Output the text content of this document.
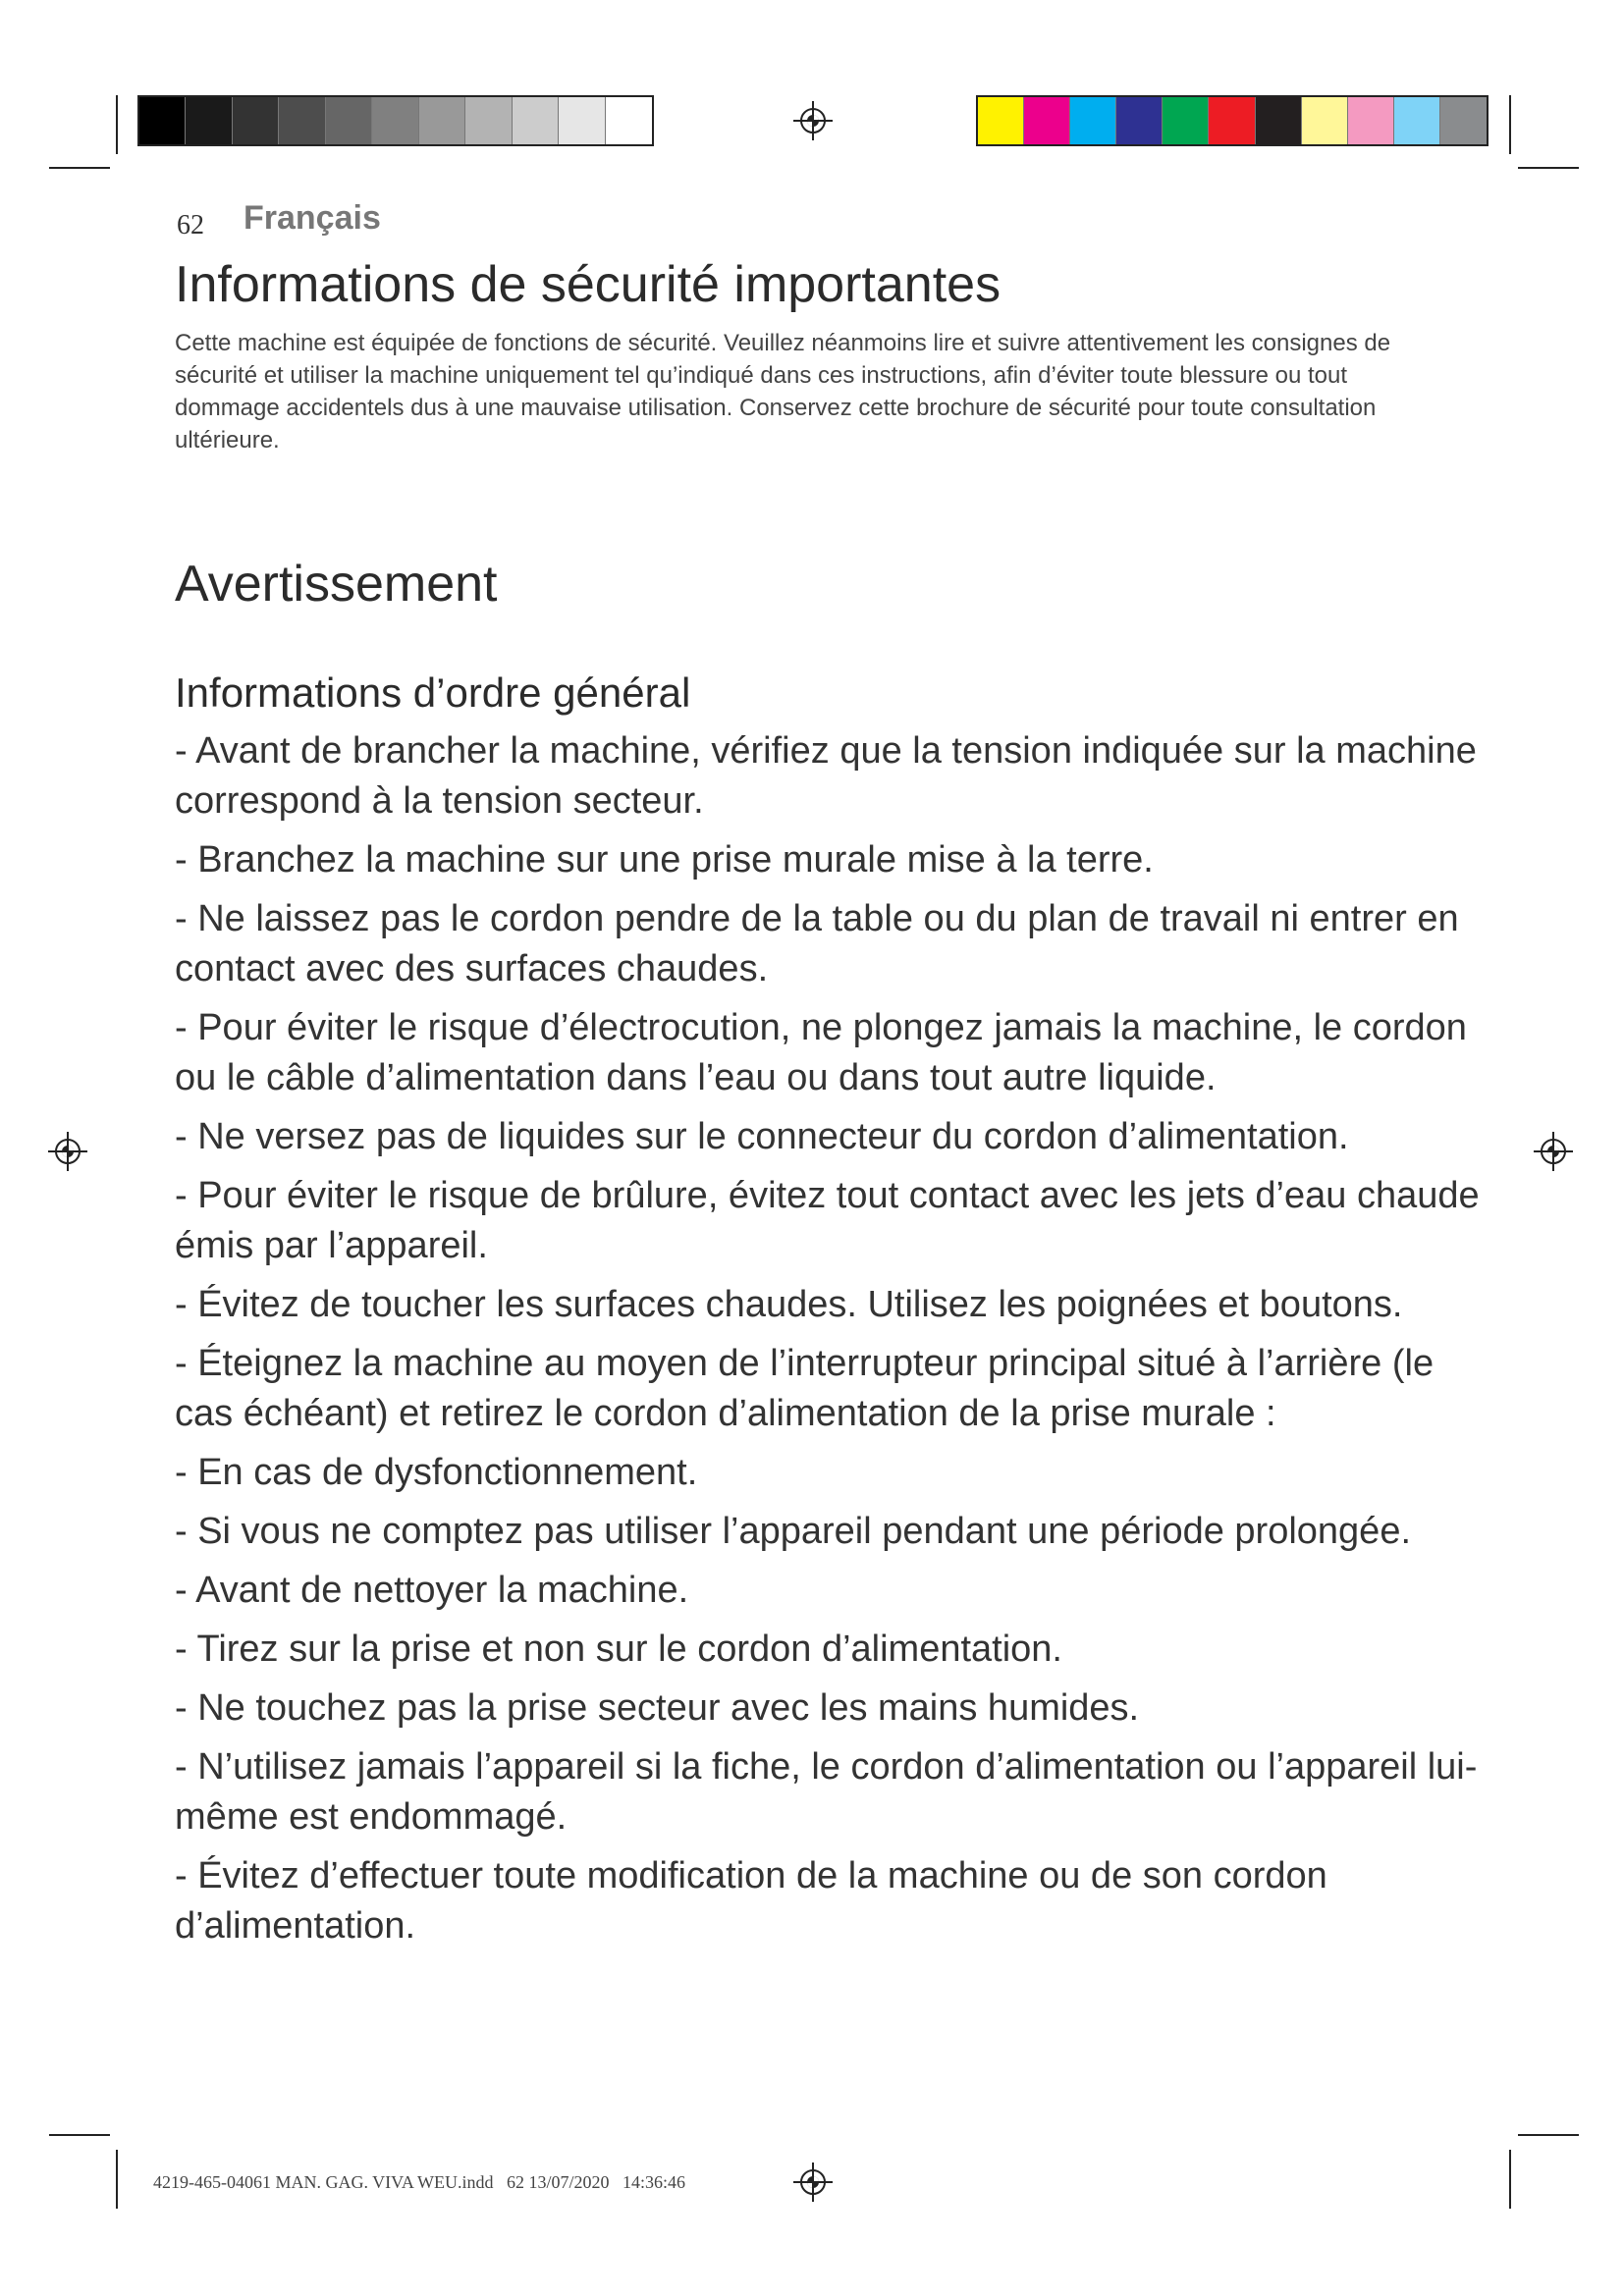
62 Français
Informations de sécurité importantes

Cette machine est équipée de fonctions de sécurité. Veuillez néanmoins lire et suivre attentivement les consignes de sécurité et utiliser la machine uniquement tel qu’indiqué dans ces instructions, afin d’éviter toute blessure ou tout dommage accidentels dus à une mauvaise utilisation. Conservez cette brochure de sécurité pour toute consultation ultérieure.

Avertissement
Informations d’ordre général
- Avant de brancher la machine, vérifiez que la tension indiquée sur la machine correspond à la tension secteur.
- Branchez la machine sur une prise murale mise à la terre.
- Ne laissez pas le cordon pendre de la table ou du plan de travail ni entrer en contact avec des surfaces chaudes.
- Pour éviter le risque d’électrocution, ne plongez jamais la machine, le cordon ou le câble d’alimentation dans l’eau ou dans tout autre liquide.
- Ne versez pas de liquides sur le connecteur du cordon d’alimentation.
- Pour éviter le risque de brûlure, évitez tout contact avec les jets d’eau chaude émis par l’appareil.
- Évitez de toucher les surfaces chaudes. Utilisez les poignées et boutons.
- Éteignez la machine au moyen de l’interrupteur principal situé à l’arrière (le cas échéant) et retirez le cordon d’alimentation de la prise murale :
- En cas de dysfonctionnement.
- Si vous ne comptez pas utiliser l’appareil pendant une période prolongée.
- Avant de nettoyer la machine.
- Tirez sur la prise et non sur le cordon d’alimentation.
- Ne touchez pas la prise secteur avec les mains humides.
- N’utilisez jamais l’appareil si la fiche, le cordon d’alimentation ou l’appareil lui-même est endommagé.
- Évitez d’effectuer toute modification de la machine ou de son cordon d’alimentation.
4219-465-04061 MAN. GAG. VIVA WEU.indd   62 13/07/2020   14:36:46
